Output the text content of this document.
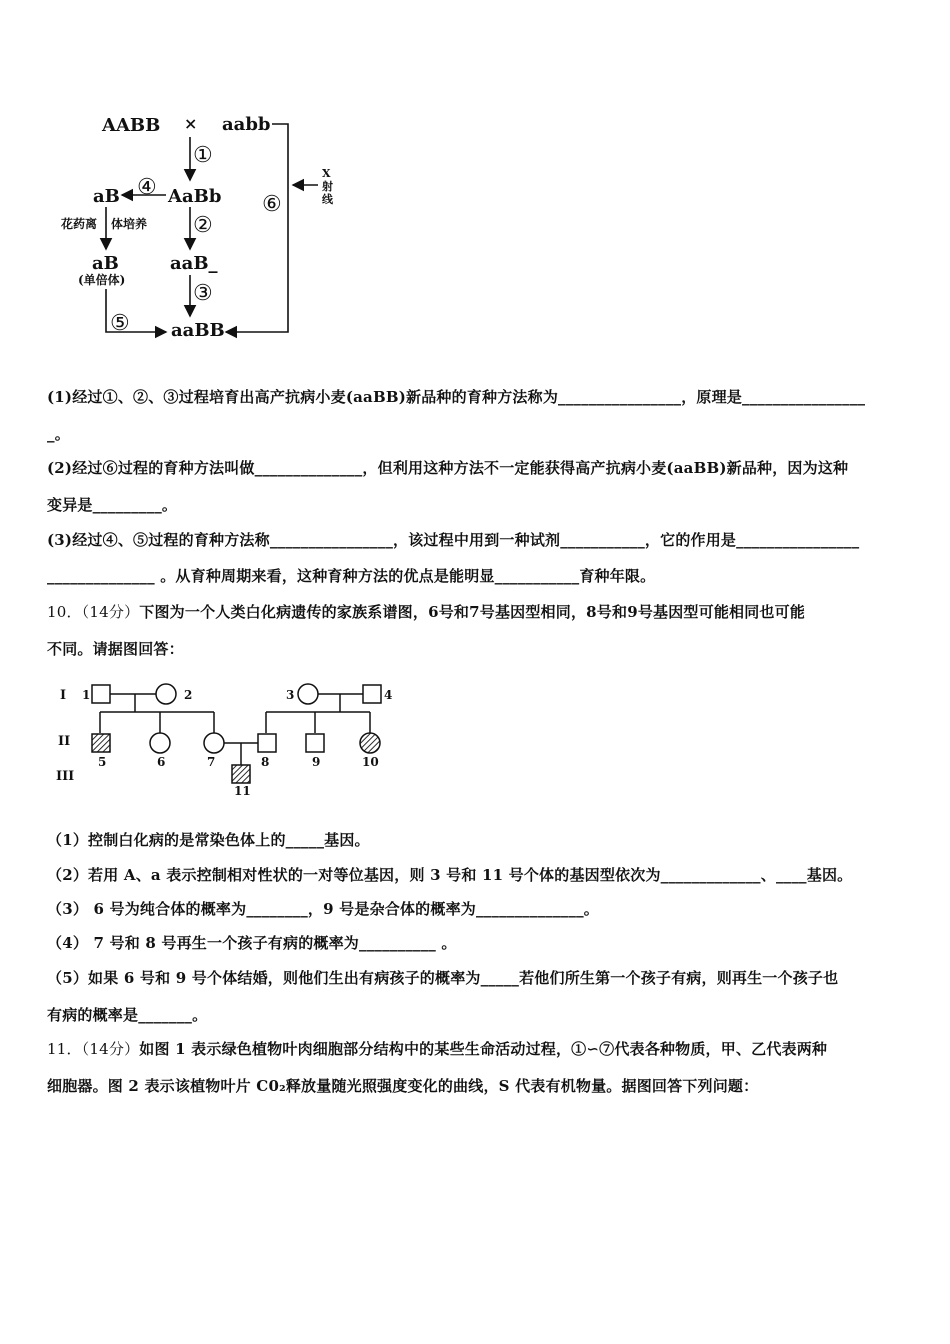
AABB × aabb
AaBb
aB
花药离 体培养
aB
(单倍体)
aaB_
aaBB
X
射
线
①
②
③
④
⑤
⑥
(1)经过①、②、③过程培育出高产抗病小麦(aaBB)新品种的育种方法称为________________，原理是________________
_。
(2)经过⑥过程的育种方法叫做______________，但利用这种方法不一定能获得高产抗病小麦(aaBB)新品种，因为这种
变异是_________。
(3)经过④、⑤过程的育种方法称________________，该过程中用到一种试剂___________，它的作用是________________
______________ 。从育种周期来看，这种育种方法的优点是能明显___________育种年限。
10．（14分）下图为一个人类白化病遗传的家族系谱图，6号和7号基因型相同，8号和9号基因型可能相同也可能
不同。请据图回答：
I
II
III
1	2	3	4
5	6	7	8	9	10
11
（1）控制白化病的是常染色体上的_____基因。
（2）若用 A、a 表示控制相对性状的一对等位基因，则 3 号和 11 号个体的基因型依次为_____________、____基因。
（3） 6 号为纯合体的概率为________，9 号是杂合体的概率为______________。
（4） 7 号和 8 号再生一个孩子有病的概率为__________ 。
（5）如果 6 号和 9 号个体结婚，则他们生出有病孩子的概率为_____若他们所生第一个孩子有病，则再生一个孩子也
有病的概率是_______。
11．（14分）如图 1 表示绿色植物叶肉细胞部分结构中的某些生命活动过程，①∽⑦代表各种物质，甲、乙代表两种
细胞器。图 2 表示该植物叶片 C0₂释放量随光照强度变化的曲线，S 代表有机物量。据图回答下列问题：
